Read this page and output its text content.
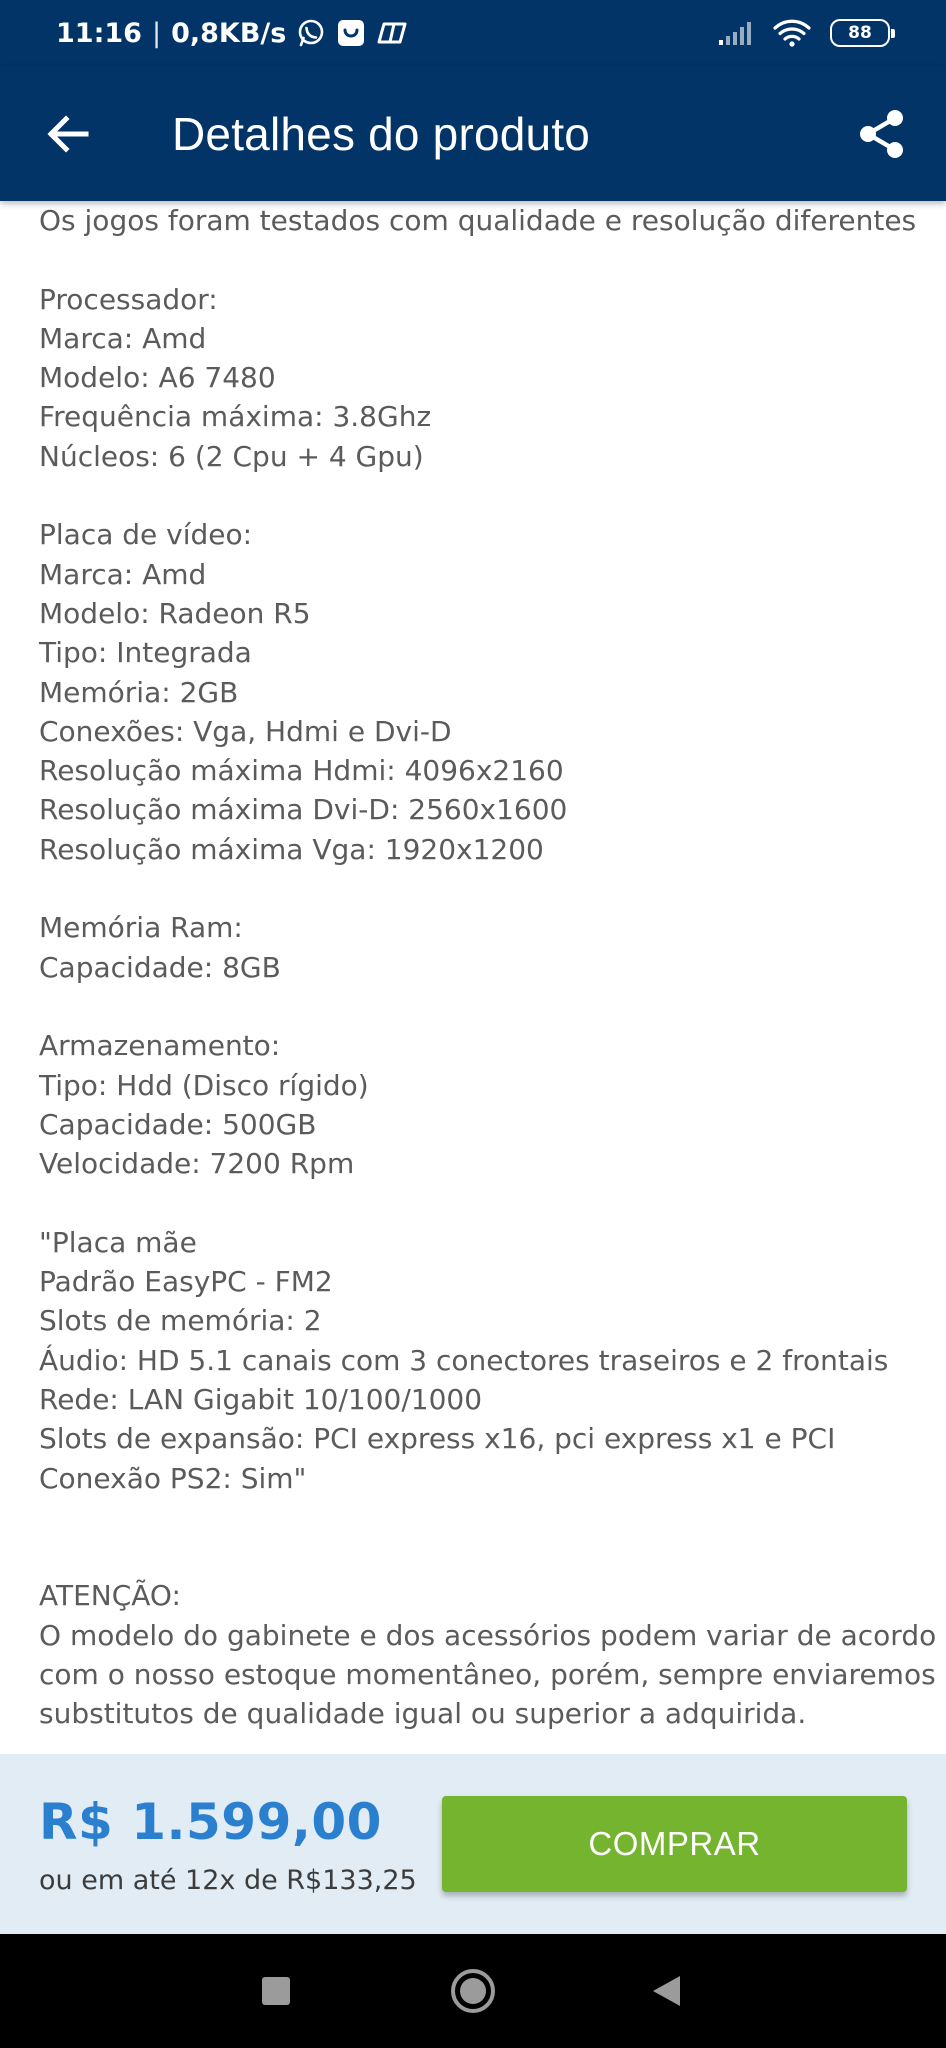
11:16 | 0,8KB/s	88
Detalhes do produto
Os jogos foram testados com qualidade e resolução diferentes
Processador:
Marca: Amd
Modelo: A6 7480
Frequência máxima: 3.8Ghz
Núcleos: 6 (2 Cpu + 4 Gpu)
Placa de vídeo:
Marca: Amd
Modelo: Radeon R5
Tipo: Integrada
Memória: 2GB
Conexões: Vga, Hdmi e Dvi-D
Resolução máxima Hdmi: 4096x2160
Resolução máxima Dvi-D: 2560x1600
Resolução máxima Vga: 1920x1200
Memória Ram:
Capacidade: 8GB
Armazenamento:
Tipo: Hdd (Disco rígido)
Capacidade: 500GB
Velocidade: 7200 Rpm
"Placa mãe
Padrão EasyPC - FM2
Slots de memória: 2
Áudio: HD 5.1 canais com 3 conectores traseiros e 2 frontais
Rede: LAN Gigabit 10/100/1000
Slots de expansão: PCI express x16, pci express x1 e PCI
Conexão PS2: Sim"
ATENÇÃO:
O modelo do gabinete e dos acessórios podem variar de acordo
com o nosso estoque momentâneo, porém, sempre enviaremos
substitutos de qualidade igual ou superior a adquirida.
R$ 1.599,00
ou em até 12x de R$133,25
COMPRAR
